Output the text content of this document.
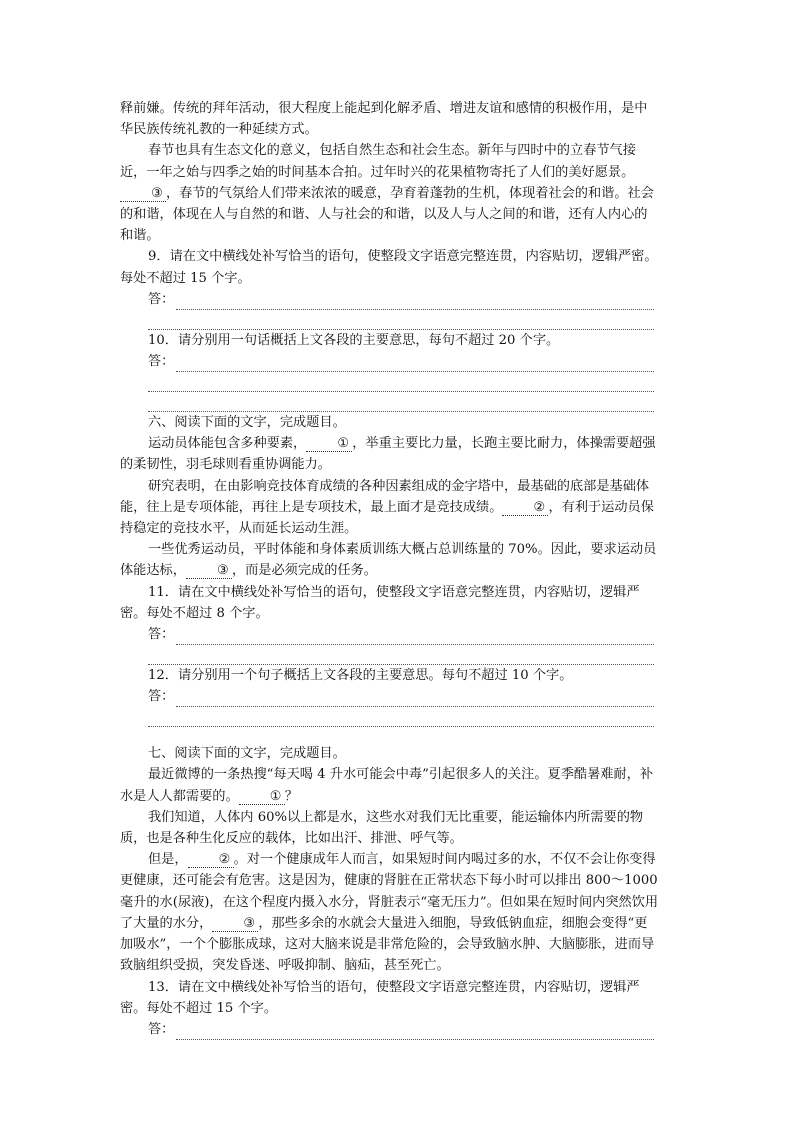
释前嫌。传统的拜年活动，很大程度上能起到化解矛盾、增进友谊和感情的积极作用，是中华民族传统礼教的一种延续方式。

春节也具有生态文化的意义，包括自然生态和社会生态。新年与四时中的立春节气接近，一年之始与四季之始的时间基本合拍。过年时兴的花果植物寄托了人们的美好愿景。③ ，春节的气氛给人们带来浓浓的暖意，孕育着蓬勃的生机，体现着社会的和谐。社会的和谐，体现在人与自然的和谐、人与社会的和谐，以及人与人之间的和谐，还有人内心的和谐。

9．请在文中横线处补写恰当的语句，使整段文字语意完整连贯，内容贴切，逻辑严密。每处不超过 15 个字。

答：

10．请分别用一句话概括上文各段的主要意思，每句不超过 20 个字。

答：

六、阅读下面的文字，完成题目。

运动员体能包含多种要素， ① ，举重主要比力量，长跑主要比耐力，体操需要超强的柔韧性，羽毛球则看重协调能力。

研究表明，在由影响竞技体育成绩的各种因素组成的金字塔中，最基础的底部是基础体能，往上是专项体能，再往上是专项技术，最上面才是竞技成绩。 ② ，有利于运动员保持稳定的竞技水平，从而延长运动生涯。

一些优秀运动员，平时体能和身体素质训练大概占总训练量的 70%。因此，要求运动员体能达标， ③ ，而是必须完成的任务。

11．请在文中横线处补写恰当的语句，使整段文字语意完整连贯，内容贴切，逻辑严密。每处不超过 8 个字。

答：

12．请分别用一个句子概括上文各段的主要意思。每句不超过 10 个字。

答：

七、阅读下面的文字，完成题目。

最近微博的一条热搜“每天喝 4 升水可能会中毒”引起很多人的关注。夏季酷暑难耐，补水是人人都需要的。 ① ？

我们知道，人体内 60%以上都是水，这些水对我们无比重要，能运输体内所需要的物质，也是各种生化反应的载体，比如出汗、排泄、呼气等。

但是， ② 。对一个健康成年人而言，如果短时间内喝过多的水，不仅不会让你变得更健康，还可能会有危害。这是因为，健康的肾脏在正常状态下每小时可以排出 800～1000 毫升的水(尿液)，在这个程度内摄入水分，肾脏表示“毫无压力”。但如果在短时间内突然饮用了大量的水分， ③ ，那些多余的水就会大量进入细胞，导致低钠血症，细胞会变得“更加吸水”，一个个膨胀成球，这对大脑来说是非常危险的，会导致脑水肿、大脑膨胀，进而导致脑组织受损，突发昏迷、呼吸抑制、脑疝，甚至死亡。

13．请在文中横线处补写恰当的语句，使整段文字语意完整连贯，内容贴切，逻辑严密。每处不超过 15 个字。

答：
